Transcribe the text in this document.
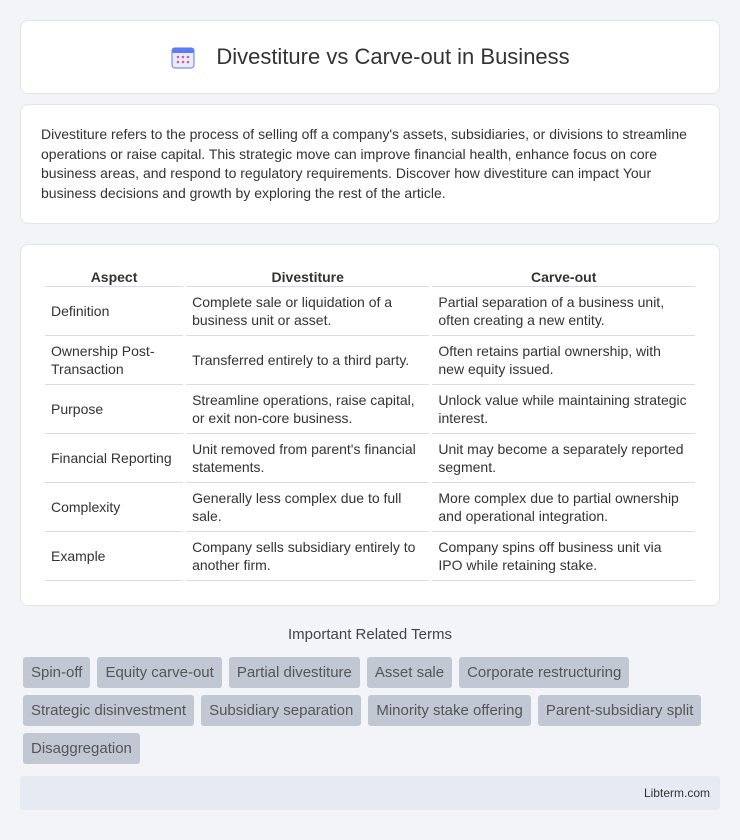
Divestiture vs Carve-out in Business

Divestiture refers to the process of selling off a company's assets, subsidiaries, or divisions to streamline operations or raise capital. This strategic move can improve financial health, enhance focus on core business areas, and respond to regulatory requirements. Discover how divestiture can impact Your business decisions and growth by exploring the rest of the article.

Aspect	Divestiture	Carve-out
Definition	Complete sale or liquidation of a business unit or asset.	Partial separation of a business unit, often creating a new entity.
Ownership Post-Transaction	Transferred entirely to a third party.	Often retains partial ownership, with new equity issued.
Purpose	Streamline operations, raise capital, or exit non-core business.	Unlock value while maintaining strategic interest.
Financial Reporting	Unit removed from parent's financial statements.	Unit may become a separately reported segment.
Complexity	Generally less complex due to full sale.	More complex due to partial ownership and operational integration.
Example	Company sells subsidiary entirely to another firm.	Company spins off business unit via IPO while retaining stake.
Important Related Terms
Spin-off	Equity carve-out	Partial divestiture	Asset sale	Corporate restructuring
Strategic disinvestment	Subsidiary separation	Minority stake offering	Parent-subsidiary split
Disaggregation
Libterm.com
